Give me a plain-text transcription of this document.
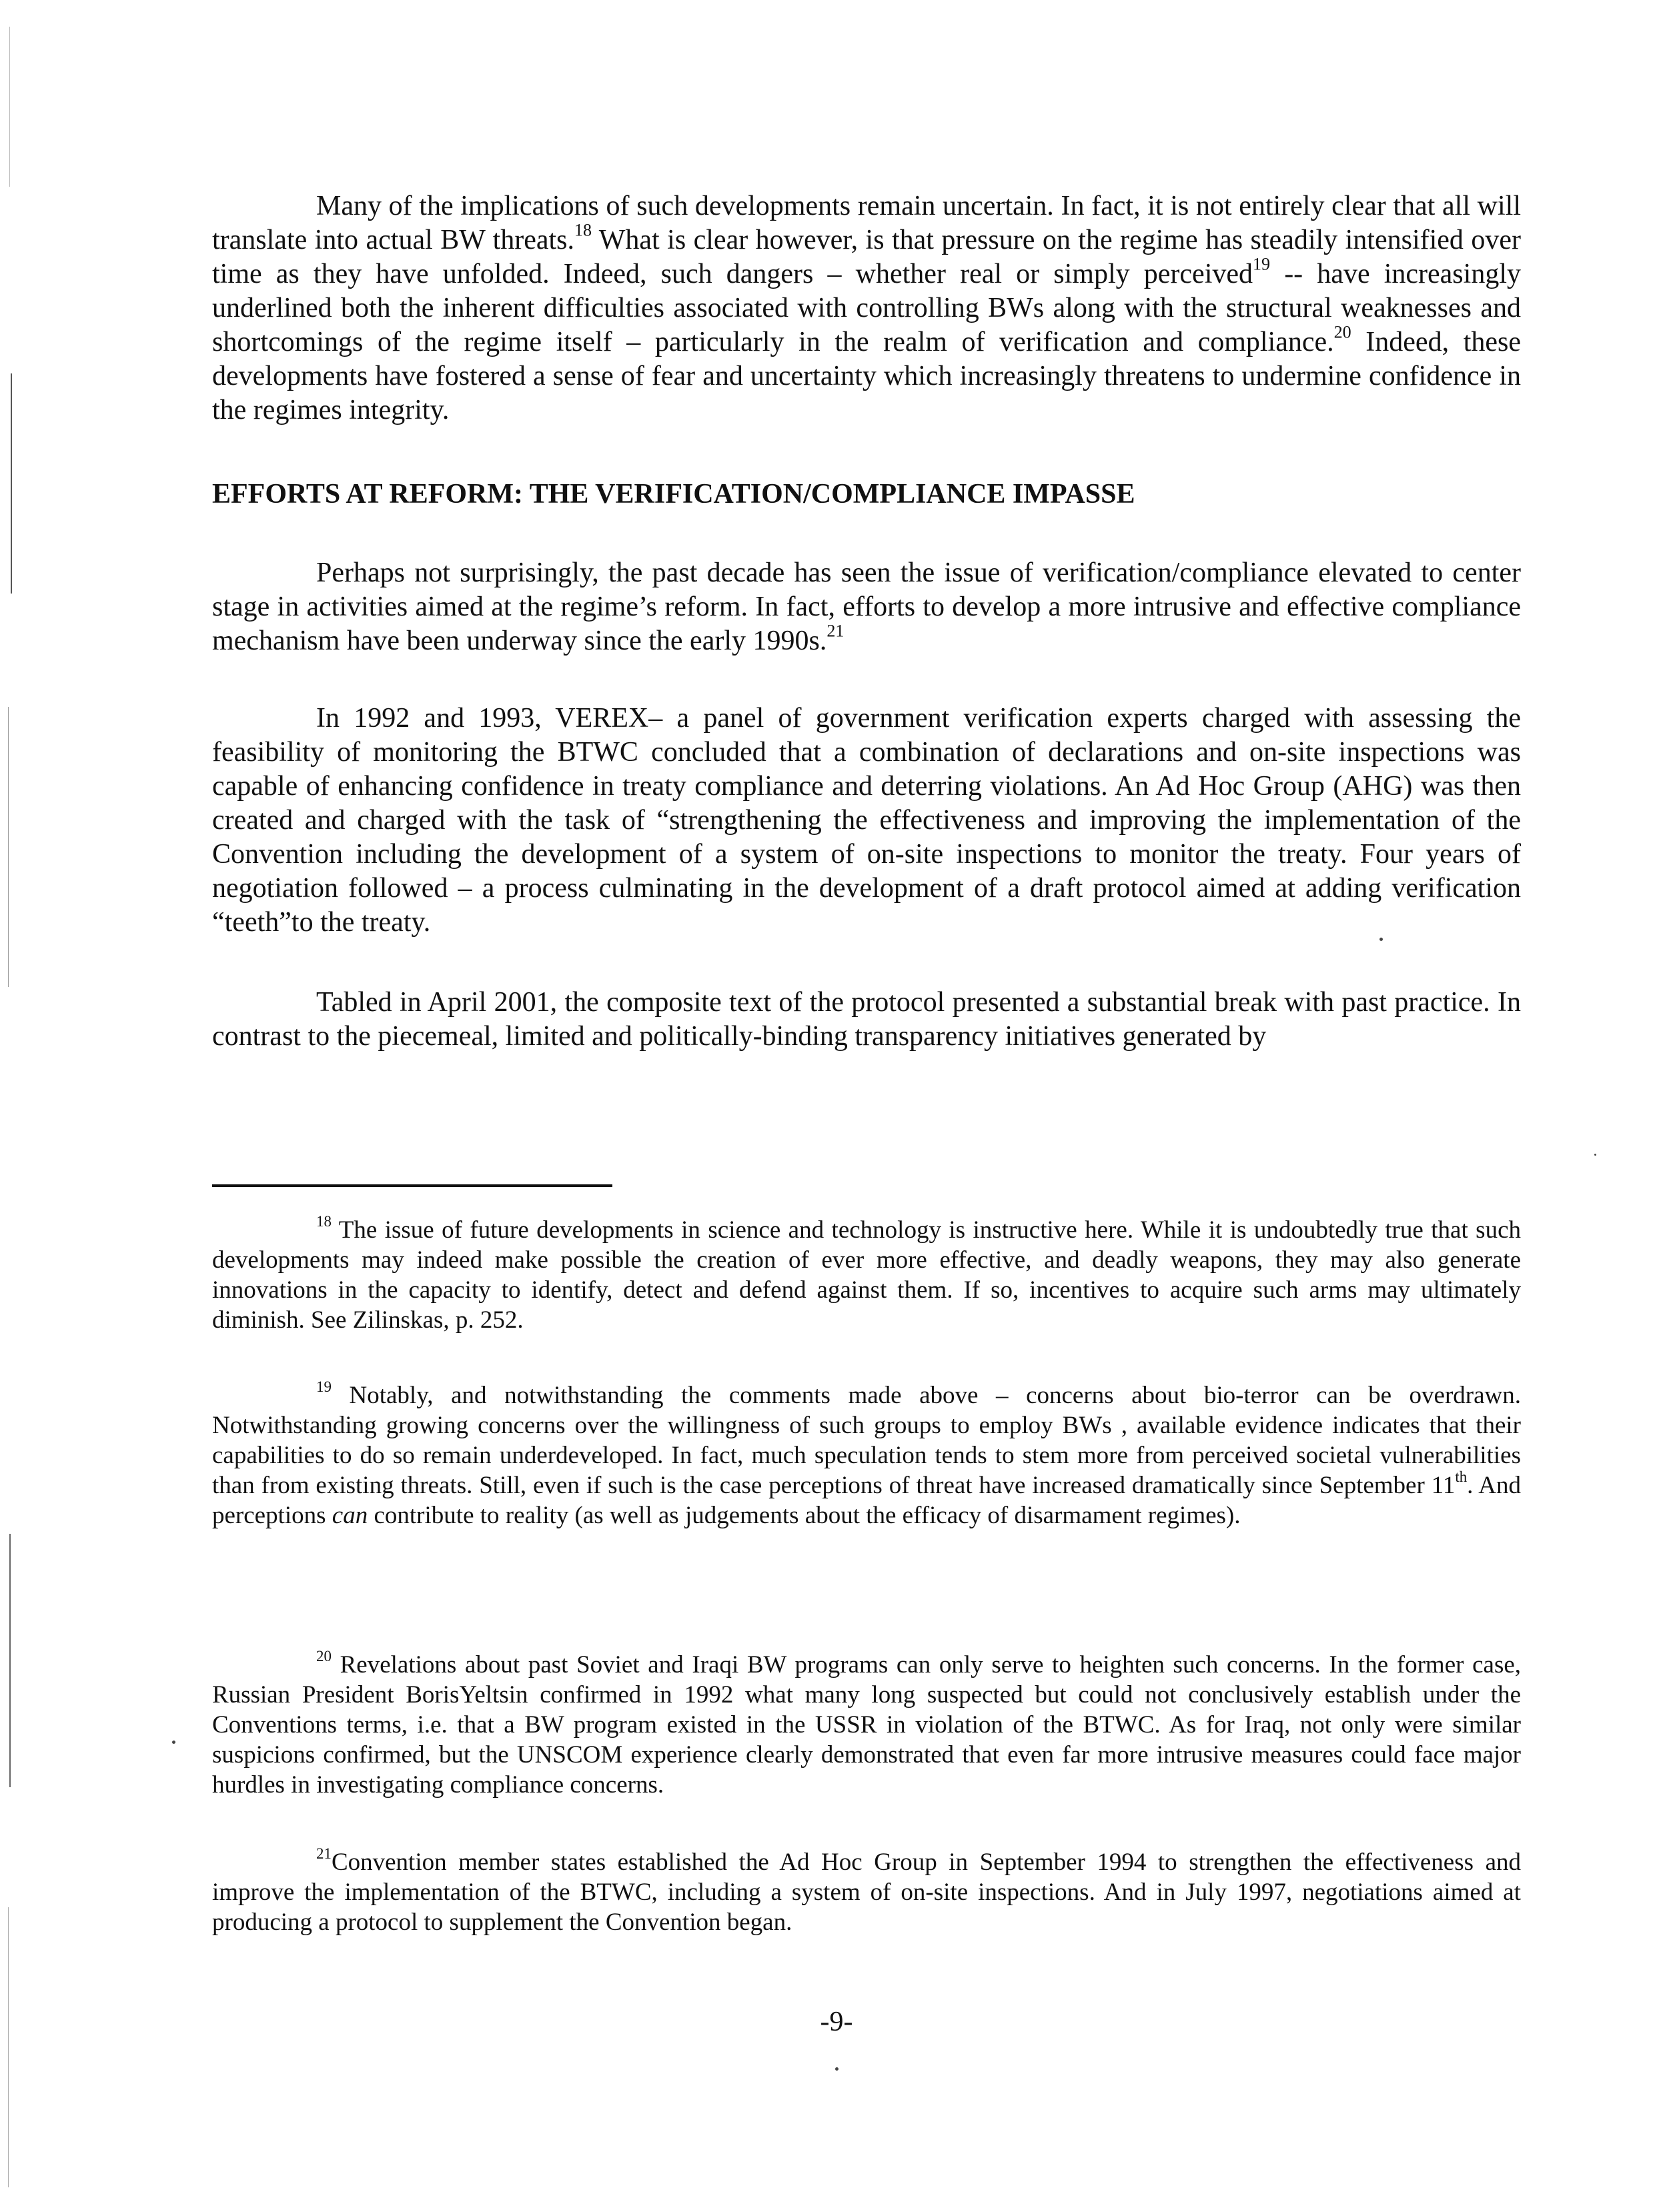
Many of the implications of such developments remain uncertain. In fact, it is not entirely clear that all will translate into actual BW threats.$^{18}$ What is clear however, is that pressure on the regime has steadily intensified over time as they have unfolded. Indeed, such dangers – whether real or simply perceived$^{19}$ -- have increasingly underlined both the inherent difficulties associated with controlling BWs along with the structural weaknesses and shortcomings of the regime itself – particularly in the realm of verification and compliance.$^{20}$ Indeed, these developments have fostered a sense of fear and uncertainty which increasingly threatens to undermine confidence in the regimes integrity.

EFFORTS AT REFORM: THE VERIFICATION/COMPLIANCE IMPASSE

Perhaps not surprisingly, the past decade has seen the issue of verification/compliance elevated to center stage in activities aimed at the regime’s reform. In fact, efforts to develop a more intrusive and effective compliance mechanism have been underway since the early 1990s.$^{21}$

In 1992 and 1993, VEREX– a panel of government verification experts charged with assessing the feasibility of monitoring the BTWC concluded that a combination of declarations and on-site inspections was capable of enhancing confidence in treaty compliance and deterring violations. An Ad Hoc Group (AHG) was then created and charged with the task of “strengthening the effectiveness and improving the implementation of the Convention including the development of a system of on-site inspections to monitor the treaty. Four years of negotiation followed – a process culminating in the development of a draft protocol aimed at adding verification “teeth”to the treaty.

Tabled in April 2001, the composite text of the protocol presented a substantial break with past practice. In contrast to the piecemeal, limited and politically-binding transparency initiatives generated by

$^{18}$ The issue of future developments in science and technology is instructive here. While it is undoubtedly true that such developments may indeed make possible the creation of ever more effective, and deadly weapons, they may also generate innovations in the capacity to identify, detect and defend against them. If so, incentives to acquire such arms may ultimately diminish. See Zilinskas, p. 252.

$^{19}$ Notably, and notwithstanding the comments made above – concerns about bio-terror can be overdrawn. Notwithstanding growing concerns over the willingness of such groups to employ BWs , available evidence indicates that their capabilities to do so remain underdeveloped. In fact, much speculation tends to stem more from perceived societal vulnerabilities than from existing threats. Still, even if such is the case perceptions of threat have increased dramatically since September 11th. And perceptions can contribute to reality (as well as judgements about the efficacy of disarmament regimes).

$^{20}$ Revelations about past Soviet and Iraqi BW programs can only serve to heighten such concerns. In the former case, Russian President BorisYeltsin confirmed in 1992 what many long suspected but could not conclusively establish under the Conventions terms, i.e. that a BW program existed in the USSR in violation of the BTWC. As for Iraq, not only were similar suspicions confirmed, but the UNSCOM experience clearly demonstrated that even far more intrusive measures could face major hurdles in investigating compliance concerns.

$^{21}$Convention member states established the Ad Hoc Group in September 1994 to strengthen the effectiveness and improve the implementation of the BTWC, including a system of on-site inspections. And in July 1997, negotiations aimed at producing a protocol to supplement the Convention began.

-9-
